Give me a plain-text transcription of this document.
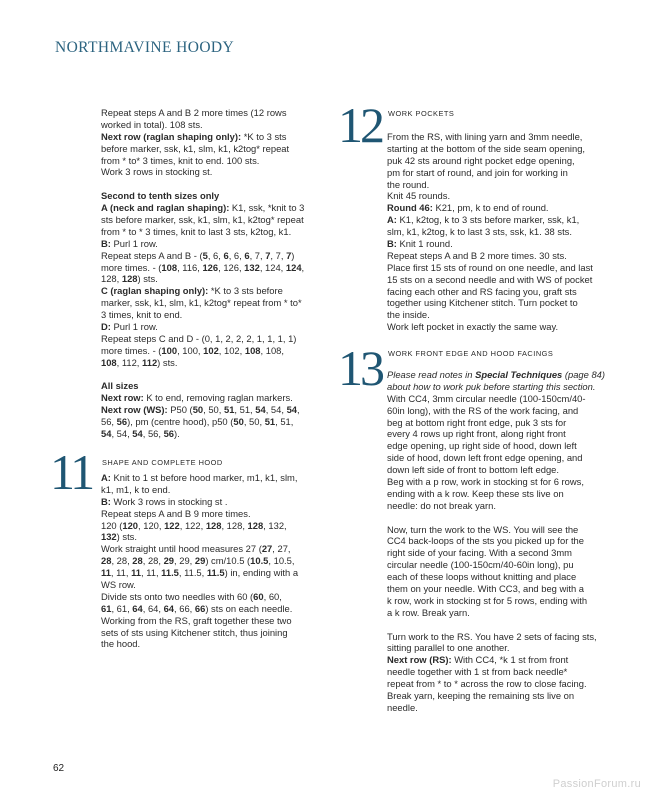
NORTHMAVINE HOODY
Repeat steps A and B 2 more times (12 rows
worked in total). 108 sts.
Next row (raglan shaping only): *K to 3 sts
before marker, ssk, k1, slm, k1, k2tog* repeat
from * to* 3 times, knit to end. 100 sts.
Work 3 rows in stocking st.
Second to tenth sizes only
A (neck and raglan shaping): K1, ssk, *knit to 3
sts before marker, ssk, k1, slm, k1, k2tog* repeat
from * to * 3 times, knit to last 3 sts, k2tog, k1.
B: Purl 1 row.
Repeat steps A and B - (5, 6, 6, 6, 6, 7, 7, 7, 7)
more times. - (108, 116, 126, 126, 132, 124, 124,
128, 128) sts.
C (raglan shaping only): *K to 3 sts before
marker, ssk, k1, slm, k1, k2tog* repeat from * to*
3 times, knit to end.
D: Purl 1 row.
Repeat steps C and D - (0, 1, 2, 2, 2, 1, 1, 1, 1)
more times. - (100, 100, 102, 102, 108, 108,
108, 112, 112) sts.
All sizes
Next row: K to end, removing raglan markers.
Next row (WS): P50 (50, 50, 51, 51, 54, 54, 54,
56, 56), pm (centre hood), p50 (50, 50, 51, 51,
54, 54, 54, 56, 56).
11 SHAPE AND COMPLETE HOOD
A: Knit to 1 st before hood marker, m1, k1, slm,
k1, m1, k to end.
B: Work 3 rows in stocking st .
Repeat steps A and B 9 more times.
120 (120, 120, 122, 122, 128, 128, 128, 132,
132) sts.
Work straight until hood measures 27 (27, 27,
28, 28, 28, 28, 29, 29, 29) cm/10.5 (10.5, 10.5,
11, 11, 11, 11, 11.5, 11.5, 11.5) in, ending with a
WS row.
Divide sts onto two needles with 60 (60, 60,
61, 61, 64, 64, 64, 66, 66) sts on each needle.
Working from the RS, graft together these two
sets of sts using Kitchener stitch, thus joining
the hood.
12 WORK POCKETS
From the RS, with lining yarn and 3mm needle,
starting at the bottom of the side seam opening,
puk 42 sts around right pocket edge opening,
pm for start of round, and join for working in
the round.
Knit 45 rounds.
Round 46: K21, pm, k to end of round.
A: K1, k2tog, k to 3 sts before marker, ssk, k1,
slm, k1, k2tog, k to last 3 sts, ssk, k1. 38 sts.
B: Knit 1 round.
Repeat steps A and B 2 more times. 30 sts.
Place first 15 sts of round on one needle, and last
15 sts on a second needle and with WS of pocket
facing each other and RS facing you, graft sts
together using Kitchener stitch. Turn pocket to
the inside.
Work left pocket in exactly the same way.
13 WORK FRONT EDGE AND HOOD FACINGS
Please read notes in Special Techniques (page 84)
about how to work puk before starting this section.
With CC4, 3mm circular needle (100-150cm/40-
60in long), with the RS of the work facing, and
beg at bottom right front edge, puk 3 sts for
every 4 rows up right front, along right front
edge opening, up right side of hood, down left
side of hood, down left front edge opening, and
down left side of front to bottom left edge.
Beg with a p row, work in stocking st for 6 rows,
ending with a k row. Keep these sts live on
needle: do not break yarn.
Now, turn the work to the WS. You will see the
CC4 back-loops of the sts you picked up for the
right side of your facing. With a second 3mm
circular needle (100-150cm/40-60in long), pu
each of these loops without knitting and place
them on your needle. With CC3, and beg with a
k row, work in stocking st for 5 rows, ending with
a k row. Break yarn.
Turn work to the RS. You have 2 sets of facing sts,
sitting parallel to one another.
Next row (RS): With CC4, *k 1 st from front
needle together with 1 st from back needle*
repeat from * to * across the row to close facing.
Break yarn, keeping the remaining sts live on
needle.
62
PassionForum.ru
